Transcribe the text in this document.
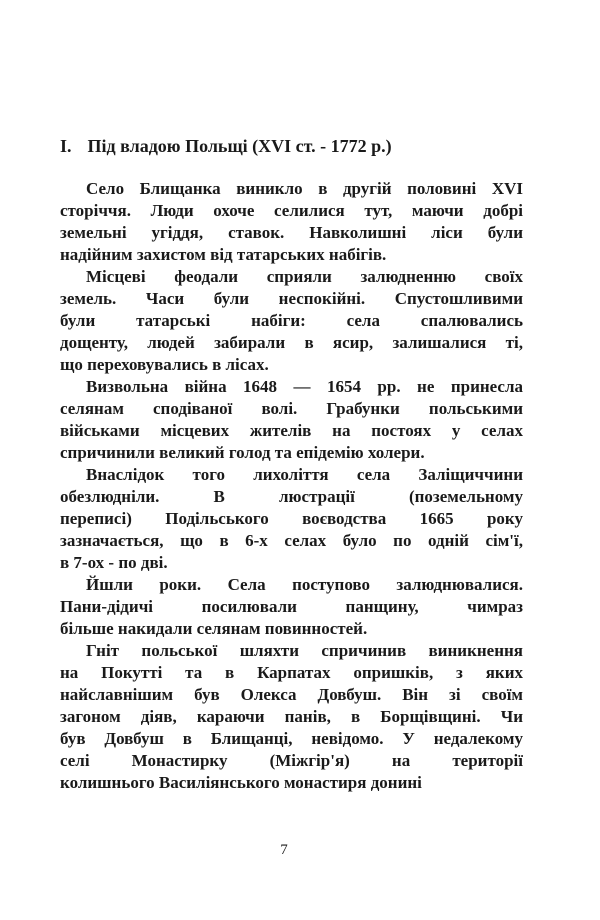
I. Під владою Польщі (XVI ст. - 1772 р.)
Село Блищанка виникло в другій половині XVI
сторіччя. Люди охоче селилися тут, маючи добрі
земельні угіддя, ставок. Навколишні ліси були
надійним захистом від татарських набігів.
Місцеві феодали сприяли залюдненню своїх
земель. Часи були неспокійні. Спустошливими
були татарські набіги: села спалювались
дощенту, людей забирали в ясир, залишалися ті,
що переховувались в лісах.
Визвольна війна 1648 — 1654 рр. не принесла
селянам сподіваної волі. Грабунки польськими
військами місцевих жителів на постоях у селах
спричинили великий голод та епідемію холери.
Внаслідок того лихоліття села Заліщиччини
обезлюдніли. В люстрації (поземельному
переписі) Подільського воєводства 1665 року
зазначається, що в 6-х селах було по одній сім'ї,
в 7-ох - по дві.
Йшли роки. Села поступово залюднювалися.
Пани-дідичі посилювали панщину, чимраз
більше накидали селянам повинностей.
Гніт польської шляхти спричинив виникнення
на Покутті та в Карпатах опришків, з яких
найславнішим був Олекса Довбуш. Він зі своїм
загоном діяв, караючи панів, в Борщівщині. Чи
був Довбуш в Блищанці, невідомо. У недалекому
селі Монастирку (Міжгір'я) на території
колишнього Василіянського монастиря донині
7
